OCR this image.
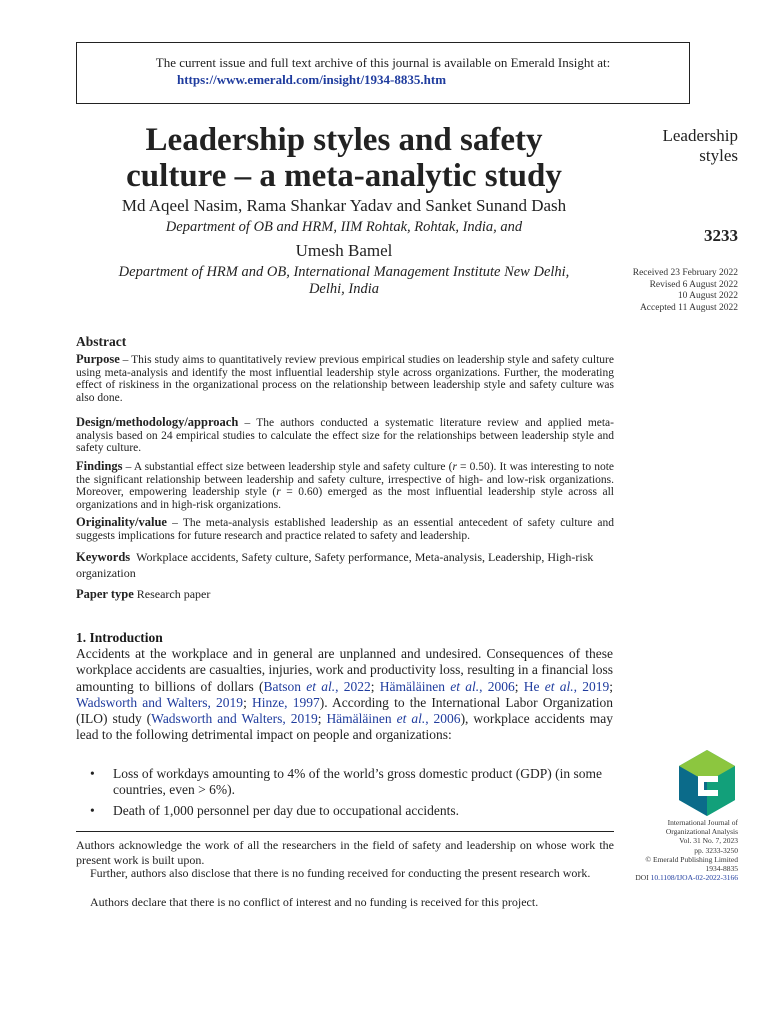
The current issue and full text archive of this journal is available on Emerald Insight at:
https://www.emerald.com/insight/1934-8835.htm
Leadership styles and safety
culture – a meta-analytic study
Md Aqeel Nasim, Rama Shankar Yadav and Sanket Sunand Dash
Department of OB and HRM, IIM Rohtak, Rohtak, India, and
Umesh Bamel
Department of HRM and OB, International Management Institute New Delhi,
Delhi, India
Leadership
styles
3233
Received 23 February 2022
Revised 6 August 2022
10 August 2022
Accepted 11 August 2022
Abstract
Purpose – This study aims to quantitatively review previous empirical studies on leadership style and safety culture using meta-analysis and identify the most influential leadership style across organizations. Further, the moderating effect of riskiness in the organizational process on the relationship between leadership style and safety culture was also done.
Design/methodology/approach – The authors conducted a systematic literature review and applied meta-analysis based on 24 empirical studies to calculate the effect size for the relationships between leadership style and safety culture.
Findings – A substantial effect size between leadership style and safety culture (r = 0.50). It was interesting to note the significant relationship between leadership and safety culture, irrespective of high- and low-risk organizations. Moreover, empowering leadership style (r = 0.60) emerged as the most influential leadership style across all organizations and in high-risk organizations.
Originality/value – The meta-analysis established leadership as an essential antecedent of safety culture and suggests implications for future research and practice related to safety and leadership.
Keywords Workplace accidents, Safety culture, Safety performance, Meta-analysis, Leadership, High-risk organization
Paper type Research paper
1. Introduction
Accidents at the workplace and in general are unplanned and undesired. Consequences of these workplace accidents are casualties, injuries, work and productivity loss, resulting in a financial loss amounting to billions of dollars (Batson et al., 2022; Hämäläinen et al., 2006; He et al., 2019; Wadsworth and Walters, 2019; Hinze, 1997). According to the International Labor Organization (ILO) study (Wadsworth and Walters, 2019; Hämäläinen et al., 2006), workplace accidents may lead to the following detrimental impact on people and organizations:
• Loss of workdays amounting to 4% of the world’s gross domestic product (GDP) (in some countries, even > 6%).
• Death of 1,000 personnel per day due to occupational accidents.
Authors acknowledge the work of all the researchers in the field of safety and leadership on whose work the present work is built upon.
Further, authors also disclose that there is no funding received for conducting the present research work.
Authors declare that there is no conflict of interest and no funding is received for this project.
International Journal of
Organizational Analysis
Vol. 31 No. 7, 2023
pp. 3233-3250
© Emerald Publishing Limited
1934-8835
DOI 10.1108/IJOA-02-2022-3166
